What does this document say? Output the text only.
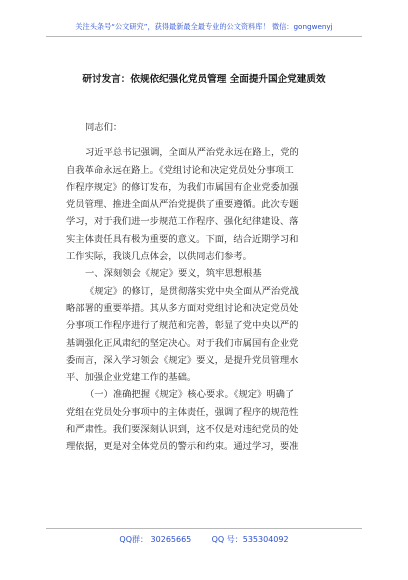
关注头条号“公文研究”，获得最新最全最专业的公文资料库！ 微信：gongwenyj
研讨发言：依规依纪强化党员管理 全面提升国企党建质效
同志们：
习近平总书记强调，全面从严治党永远在路上，党的
自我革命永远在路上。《党组讨论和决定党员处分事项工
作程序规定》的修订发布，为我们市属国有企业党委加强
党员管理、推进全面从严治党提供了重要遵循。此次专题
学习，对于我们进一步规范工作程序、强化纪律建设、落
实主体责任具有极为重要的意义。下面，结合近期学习和
工作实际，我谈几点体会，以供同志们参考。
一、深刻领会《规定》要义，筑牢思想根基
《规定》的修订，是贯彻落实党中央全面从严治党战
略部署的重要举措。其从多方面对党组讨论和决定党员处
分事项工作程序进行了规范和完善，彰显了党中央以严的
基调强化正风肃纪的坚定决心。对于我们市属国有企业党
委而言，深入学习领会《规定》要义，是提升党员管理水
平、加强企业党建工作的基础。
（一）准确把握《规定》核心要求。《规定》明确了
党组在党员处分事项中的主体责任，强调了程序的规范性
和严肃性。我们要深刻认识到，这不仅是对违纪党员的处
理依据，更是对全体党员的警示和约束。通过学习，要准
QQ群： 30265665        QQ 号：535304092
